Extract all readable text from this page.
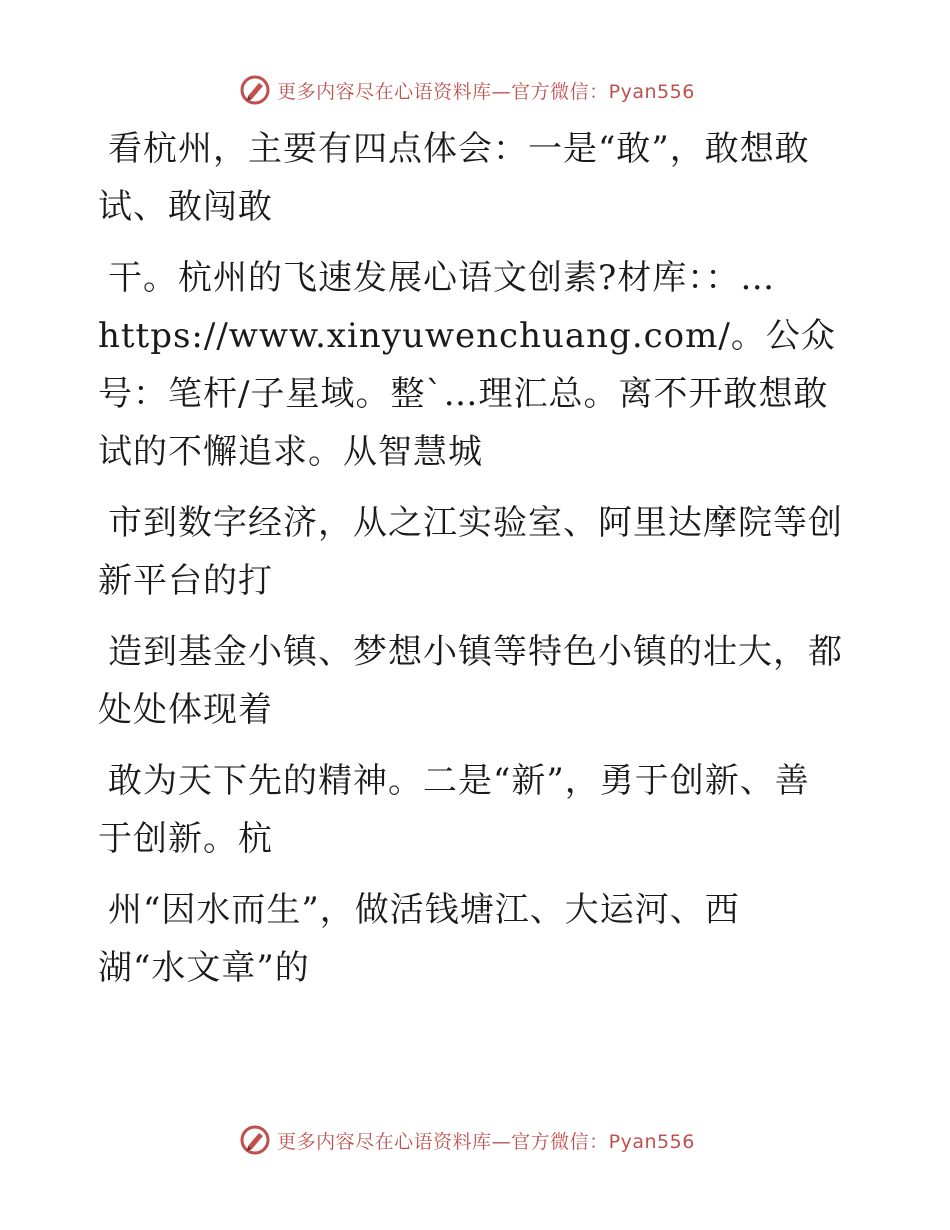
更多内容尽在心语资料库—官方微信：Pyan556

看杭州，主要有四点体会：一是“敢”，敢想敢
试、敢闯敢

干。杭州的飞速发展心语文创素?材库：：…
https://www.xinyuwenchuang.com/。公众号：笔杆/子星域。整`…理汇总。离不开敢想敢试的不懈追求。从智慧城

市到数字经济，从之江实验室、阿里达摩院等创
新平台的打

造到基金小镇、梦想小镇等特色小镇的壮大，都
处处体现着

敢为天下先的精神。二是“新”，勇于创新、善
于创新。杭

州“因水而生”，做活钱塘江、大运河、西
湖“水文章”的

更多内容尽在心语资料库—官方微信：Pyan556
